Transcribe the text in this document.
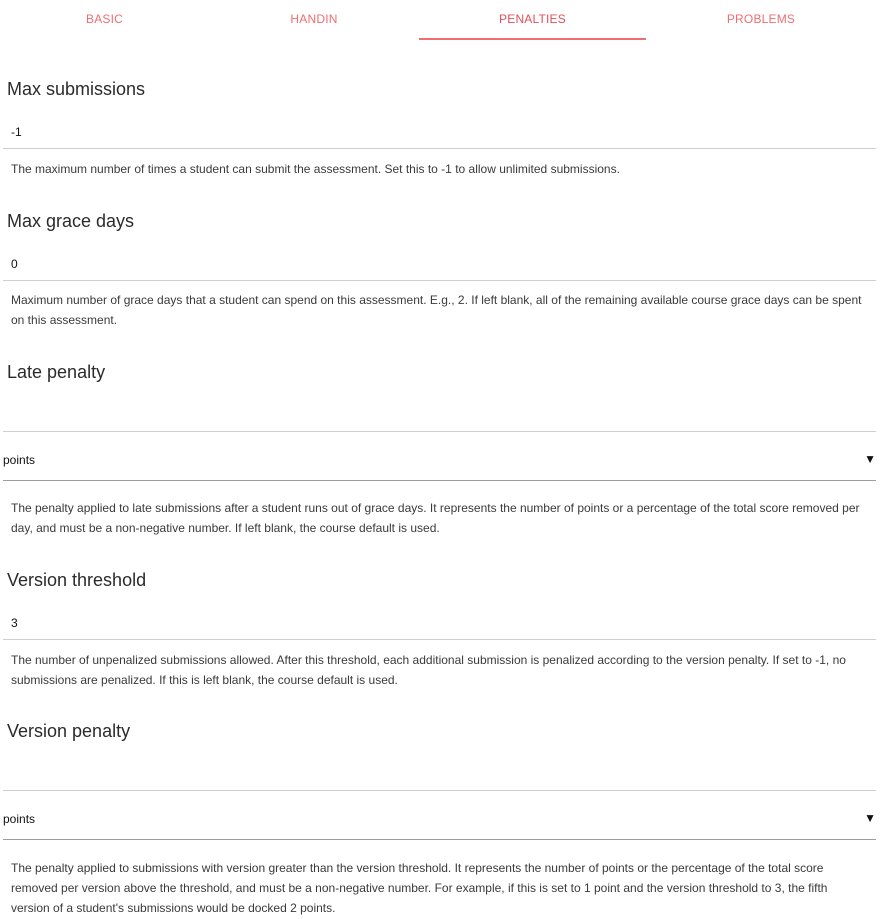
BASIC	HANDIN	PENALTIES	PROBLEMS
Max submissions
-1

The maximum number of times a student can submit the assessment. Set this to -1 to allow unlimited submissions.

Max grace days
0

Maximum number of grace days that a student can spend on this assessment. E.g., 2. If left blank, all of the remaining available course grace days can be spent on this assessment.

Late penalty
points	▼

The penalty applied to late submissions after a student runs out of grace days. It represents the number of points or a percentage of the total score removed per day, and must be a non-negative number. If left blank, the course default is used.

Version threshold
3

The number of unpenalized submissions allowed. After this threshold, each additional submission is penalized according to the version penalty. If set to -1, no submissions are penalized. If this is left blank, the course default is used.

Version penalty
points	▼

The penalty applied to submissions with version greater than the version threshold. It represents the number of points or the percentage of the total score removed per version above the threshold, and must be a non-negative number. For example, if this is set to 1 point and the version threshold to 3, the fifth version of a student's submissions would be docked 2 points.
